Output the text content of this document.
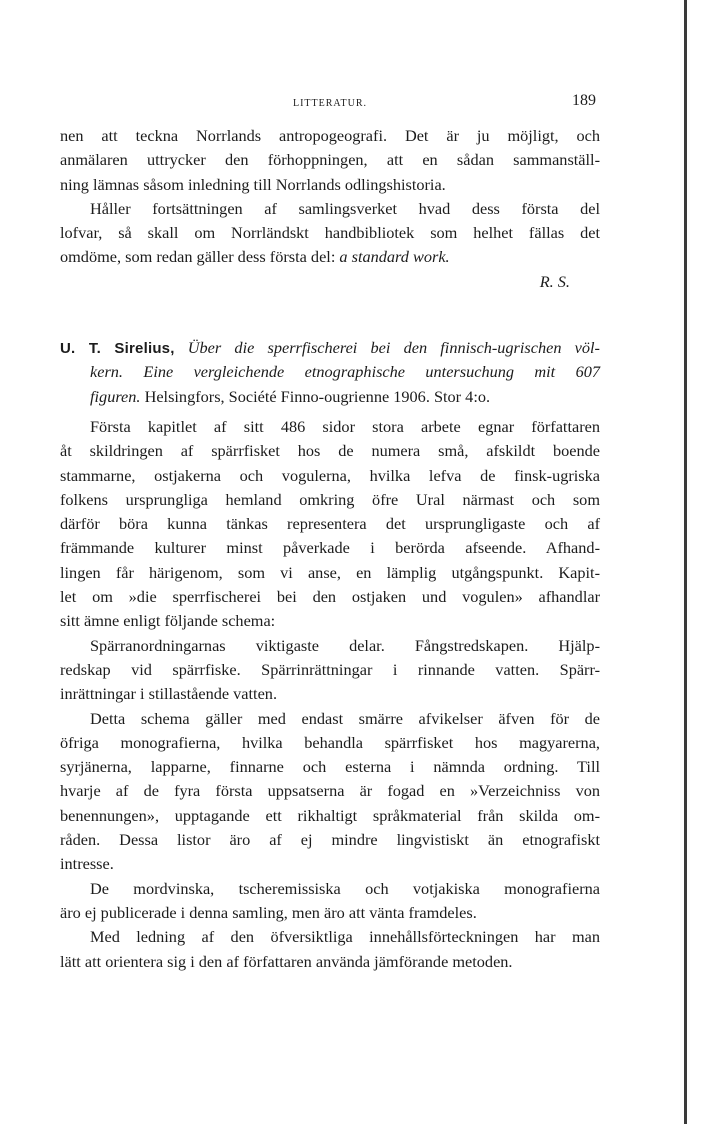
LITTERATUR.	189
nen att teckna Norrlands antropogeografi. Det är ju möjligt, och
anmälaren uttrycker den förhoppningen, att en sådan sammanställ-
ning lämnas såsom inledning till Norrlands odlingshistoria.
Håller fortsättningen af samlingsverket hvad dess första del
lofvar, så skall om Norrländskt handbibliotek som helhet fällas det
omdöme, som redan gäller dess första del: a standard work.
R. S.
U. T. Sirelius, Über die sperrfischerei bei den finnisch-ugrischen völ-
kern. Eine vergleichende etnographische untersuchung mit 607
figuren. Helsingfors, Société Finno-ougrienne 1906. Stor 4:o.
Första kapitlet af sitt 486 sidor stora arbete egnar författaren
åt skildringen af spärrfisket hos de numera små, afskildt boende
stammarne, ostjakerna och vogulerna, hvilka lefva de finsk-ugriska
folkens ursprungliga hemland omkring öfre Ural närmast och som
därför böra kunna tänkas representera det ursprungligaste och af
främmande kulturer minst påverkade i berörda afseende. Afhand-
lingen får härigenom, som vi anse, en lämplig utgångspunkt. Kapit-
let om »die sperrfischerei bei den ostjaken und vogulen» afhandlar
sitt ämne enligt följande schema:
Spärranordningarnas viktigaste delar. Fångstredskapen. Hjälp-
redskap vid spärrfiske. Spärrinrättningar i rinnande vatten. Spärr-
inrättningar i stillastående vatten.
Detta schema gäller med endast smärre afvikelser äfven för de
öfriga monografierna, hvilka behandla spärrfisket hos magyarerna,
syrjänerna, lapparne, finnarne och esterna i nämnda ordning. Till
hvarje af de fyra första uppsatserna är fogad en »Verzeichniss von
benennungen», upptagande ett rikhaltigt språkmaterial från skilda om-
råden. Dessa listor äro af ej mindre lingvistiskt än etnografiskt
intresse.
De mordvinska, tscheremissiska och votjakiska monografierna
äro ej publicerade i denna samling, men äro att vänta framdeles.
Med ledning af den öfversiktliga innehållsförteckningen har man
lätt att orientera sig i den af författaren använda jämförande metoden.
